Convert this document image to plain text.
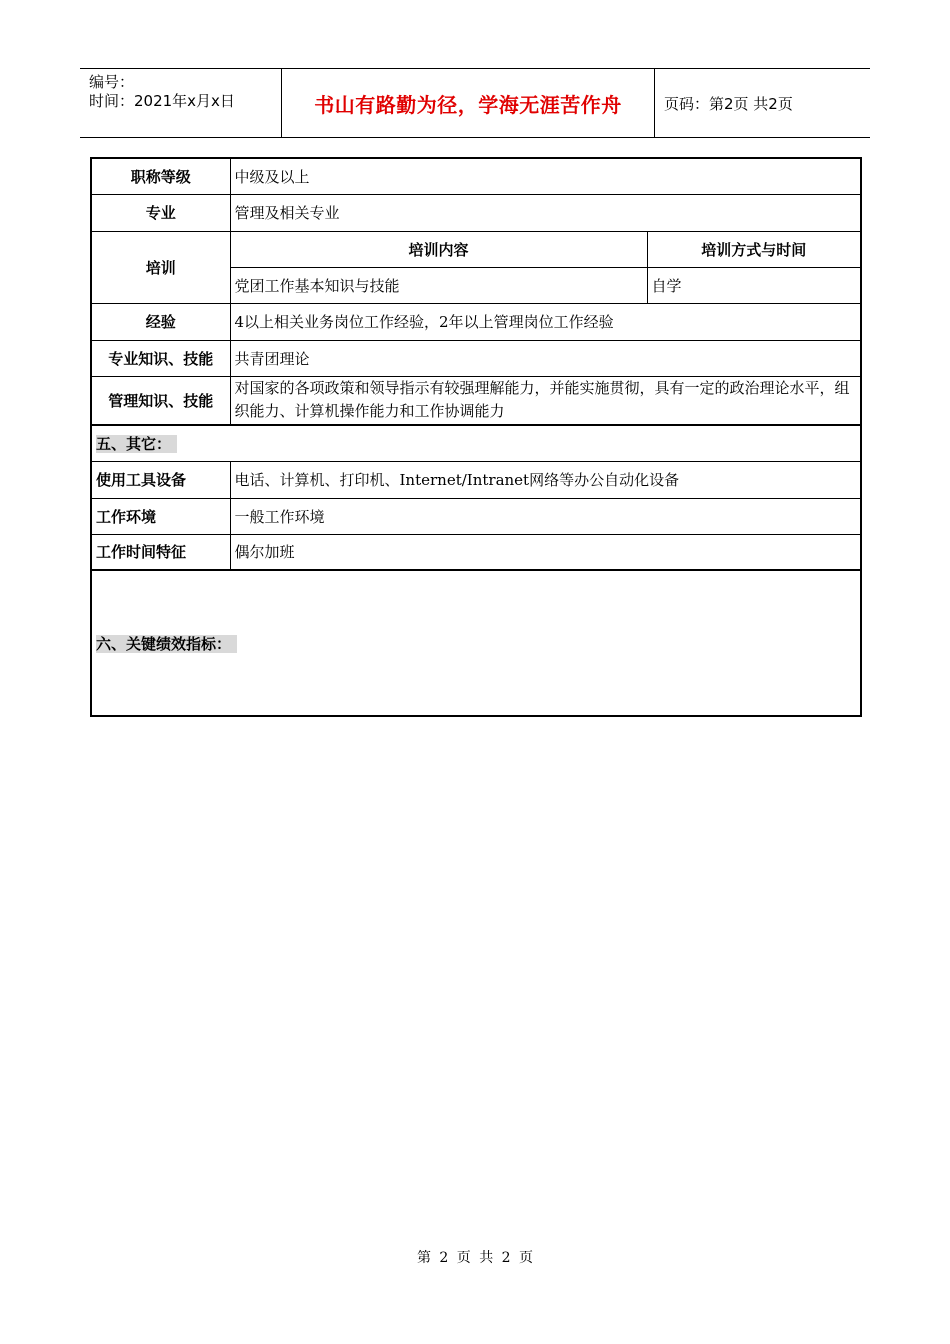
编号：
时间：2021年x月x日	书山有路勤为径，学海无涯苦作舟	页码：第2页 共2页
职称等级	中级及以上	
专业	管理及相关专业	
培训	培训内容	培训方式与时间
	党团工作基本知识与技能	自学
经验	4以上相关业务岗位工作经验，2年以上管理岗位工作经验	
专业知识、技能	共青团理论	
管理知识、技能	对国家的各项政策和领导指示有较强理解能力，并能实施贯彻，具有一定的政治理论水平，组织能力、计算机操作能力和工作协调能力	
五、其它：		
使用工具设备	电话、计算机、打印机、Internet/Intranet网络等办公自动化设备	
工作环境	一般工作环境	
工作时间特征	偶尔加班	
六、关键绩效指标：		
第 2 页 共 2 页
